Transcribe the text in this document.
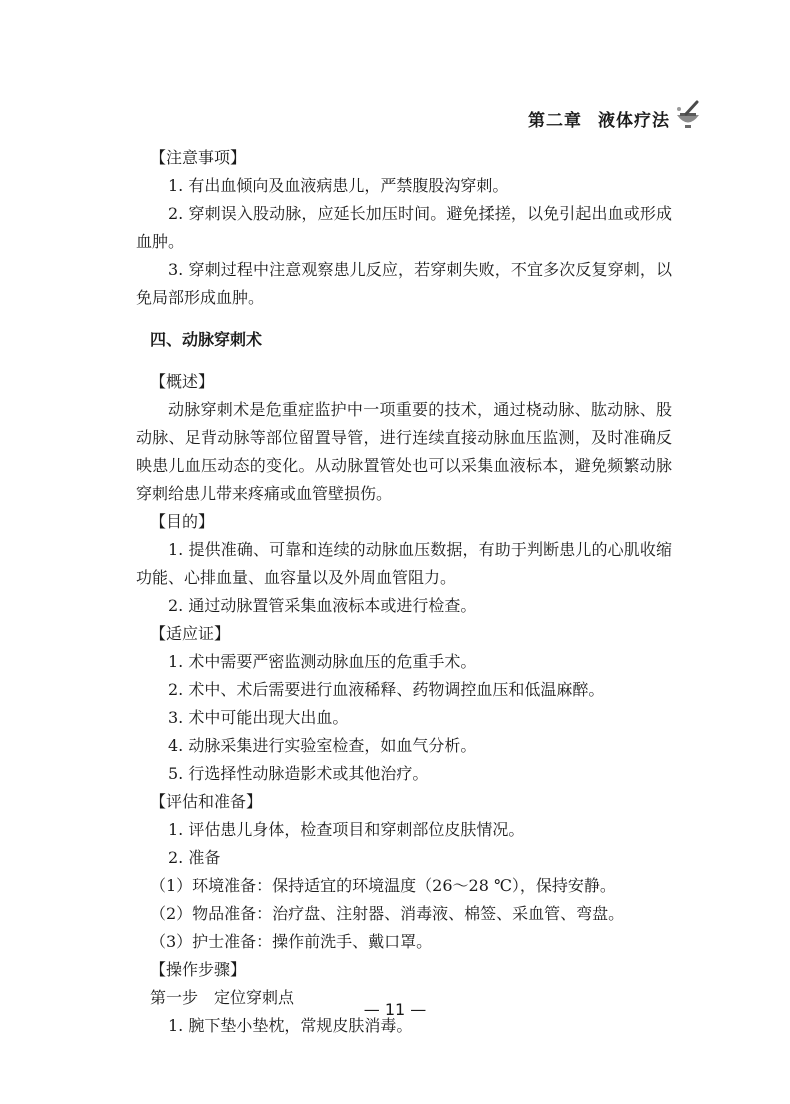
第二章 液体疗法
【注意事项】

1. 有出血倾向及血液病患儿，严禁腹股沟穿刺。

2. 穿刺误入股动脉，应延长加压时间。避免揉搓，以免引起出血或形成血肿。

3. 穿刺过程中注意观察患儿反应，若穿刺失败，不宜多次反复穿刺，以免局部形成血肿。

四、动脉穿刺术
【概述】

动脉穿刺术是危重症监护中一项重要的技术，通过桡动脉、肱动脉、股动脉、足背动脉等部位留置导管，进行连续直接动脉血压监测，及时准确反映患儿血压动态的变化。从动脉置管处也可以采集血液标本，避免频繁动脉穿刺给患儿带来疼痛或血管壁损伤。

【目的】

1. 提供准确、可靠和连续的动脉血压数据，有助于判断患儿的心肌收缩功能、心排血量、血容量以及外周血管阻力。

2. 通过动脉置管采集血液标本或进行检查。

【适应证】

1. 术中需要严密监测动脉血压的危重手术。

2. 术中、术后需要进行血液稀释、药物调控血压和低温麻醉。

3. 术中可能出现大出血。

4. 动脉采集进行实验室检查，如血气分析。

5. 行选择性动脉造影术或其他治疗。

【评估和准备】

1. 评估患儿身体，检查项目和穿刺部位皮肤情况。

2. 准备

（1）环境准备：保持适宜的环境温度（26～28 ℃），保持安静。

（2）物品准备：治疗盘、注射器、消毒液、棉签、采血管、弯盘。

（3）护士准备：操作前洗手、戴口罩。

【操作步骤】

第一步　定位穿刺点

1. 腕下垫小垫枕，常规皮肤消毒。

— 11 —
